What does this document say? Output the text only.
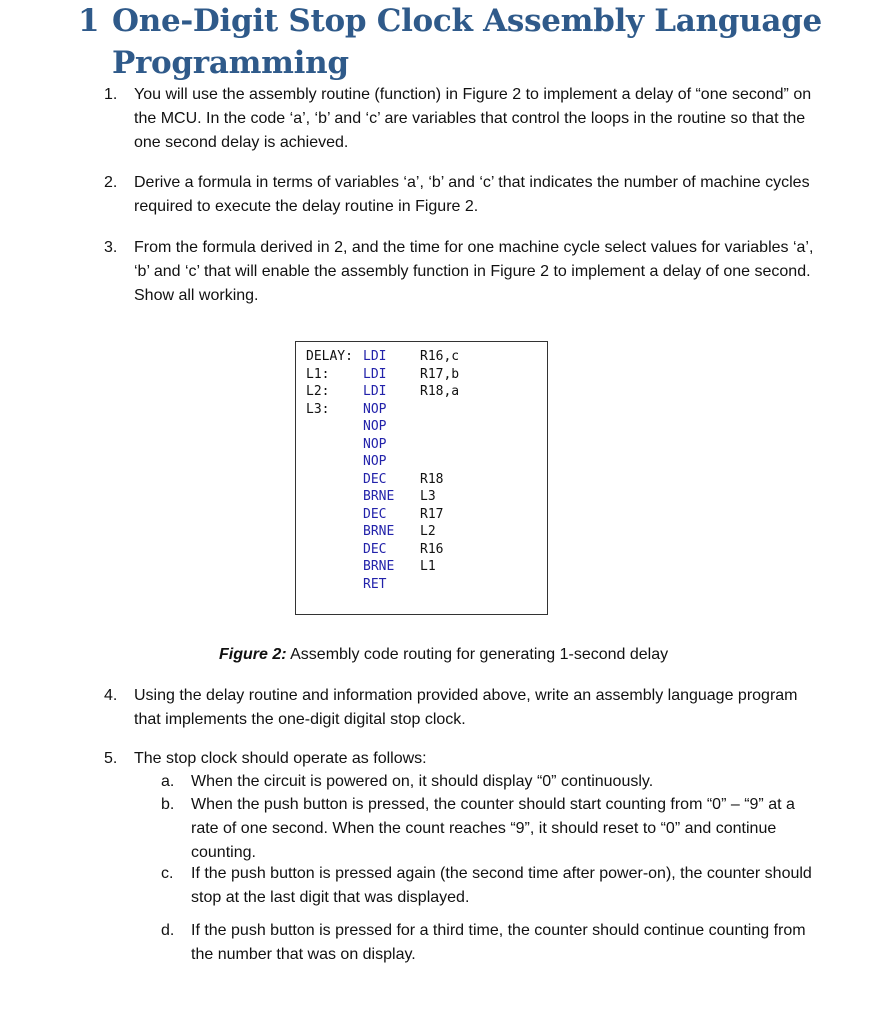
1 One-Digit Stop Clock Assembly Language
Programming
1. You will use the assembly routine (function) in Figure 2 to implement a delay of “one second” on the MCU. In the code ‘a’, ‘b’ and ‘c’ are variables that control the loops in the routine so that the one second delay is achieved.
2. Derive a formula in terms of variables ‘a’, ‘b’ and ‘c’ that indicates the number of machine cycles required to execute the delay routine in Figure 2.
3. From the formula derived in 2, and the time for one machine cycle select values for variables ‘a’, ‘b’ and ‘c’ that will enable the assembly function in Figure 2 to implement a delay of one second. Show all working.
DELAY: LDI	R16,c
L1:	LDI	R17,b
L2:	LDI	R18,a
L3:	NOP
NOP
NOP
NOP
DEC	R18
BRNE	L3
DEC	R17
BRNE	L2
DEC	R16
BRNE	L1
RET
Figure 2: Assembly code routing for generating 1-second delay
4. Using the delay routine and information provided above, write an assembly language program that implements the one-digit digital stop clock.
5. The stop clock should operate as follows:
a. When the circuit is powered on, it should display “0” continuously.
b. When the push button is pressed, the counter should start counting from “0” – “9” at a rate of one second. When the count reaches “9”, it should reset to “0” and continue counting.
c. If the push button is pressed again (the second time after power-on), the counter should stop at the last digit that was displayed.
d. If the push button is pressed for a third time, the counter should continue counting from the number that was on display.
